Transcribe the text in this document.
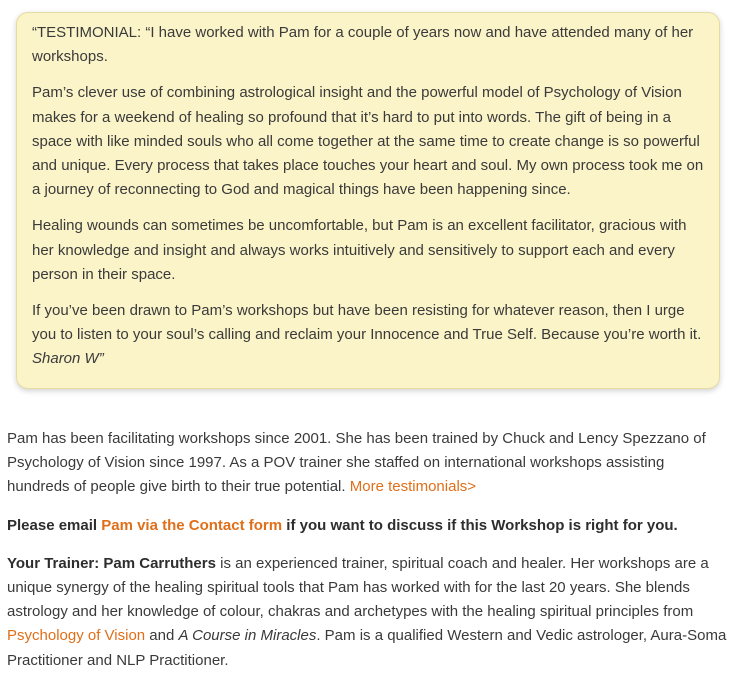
“TESTIMONIAL: “I have worked with Pam for a couple of years now and have attended many of her workshops.

Pam’s clever use of combining astrological insight and the powerful model of Psychology of Vision makes for a weekend of healing so profound that it’s hard to put into words. The gift of being in a space with like minded souls who all come together at the same time to create change is so powerful and unique. Every process that takes place touches your heart and soul. My own process took me on a journey of reconnecting to God and magical things have been happening since.

Healing wounds can sometimes be uncomfortable, but Pam is an excellent facilitator, gracious with her knowledge and insight and always works intuitively and sensitively to support each and every person in their space.

If you’ve been drawn to Pam’s workshops but have been resisting for whatever reason, then I urge you to listen to your soul’s calling and reclaim your Innocence and True Self. Because you’re worth it. Sharon W”

Pam has been facilitating workshops since 2001. She has been trained by Chuck and Lency Spezzano of Psychology of Vision since 1997. As a POV trainer she staffed on international workshops assisting hundreds of people give birth to their true potential. More testimonials>

Please email Pam via the Contact form if you want to discuss if this Workshop is right for you.

Your Trainer: Pam Carruthers is an experienced trainer, spiritual coach and healer. Her workshops are a unique synergy of the healing spiritual tools that Pam has worked with for the last 20 years. She blends astrology and her knowledge of colour, chakras and archetypes with the healing spiritual principles from Psychology of Vision and A Course in Miracles. Pam is a qualified Western and Vedic astrologer, Aura-Soma Practitioner and NLP Practitioner.
